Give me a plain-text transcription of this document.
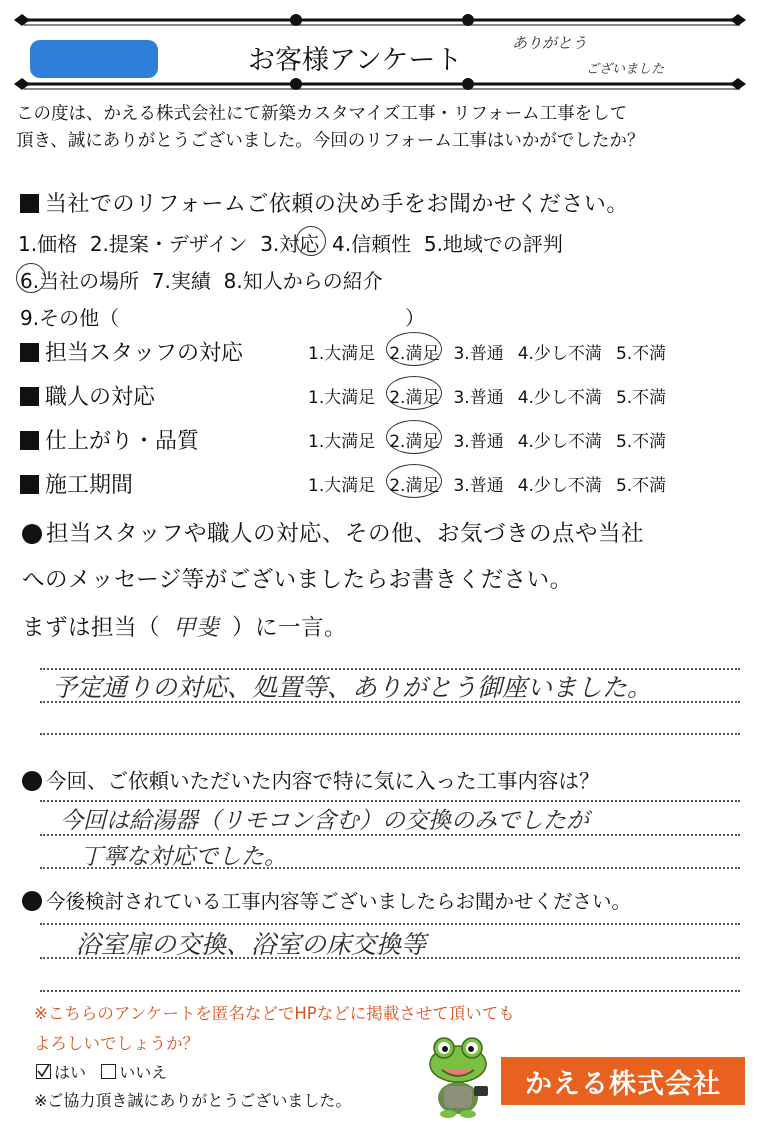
お客様アンケート
ありがとう
ございました
この度は、かえる株式会社にて新築カスタマイズ工事・リフォーム工事をして
頂き、誠にありがとうございました。今回のリフォーム工事はいかがでしたか？
当社でのリフォームご依頼の決め手をお聞かせください。
1.価格 2.提案・デザイン 3.対応 4.信頼性 5.地域での評判
6.当社の場所 7.実績 8.知人からの紹介
9.その他（	）
担当スタッフの対応	1.大満足 2.満足 3.普通 4.少し不満 5.不満
職人の対応	1.大満足 2.満足 3.普通 4.少し不満 5.不満
仕上がり・品質	1.大満足 2.満足 3.普通 4.少し不満 5.不満
施工期間	1.大満足 2.満足 3.普通 4.少し不満 5.不満
担当スタッフや職人の対応、その他、お気づきの点や当社
へのメッセージ等がございましたらお書きください。
まずは担当（ 甲斐 ）に一言。
予定通りの対応、処置等、ありがとう御座いました。
今回、ご依頼いただいた内容で特に気に入った工事内容は？
今回は給湯器（リモコン含む）の交換のみでしたが
丁寧な対応でした。
今後検討されている工事内容等ございましたらお聞かせください。
浴室扉の交換、浴室の床交換等
※こちらのアンケートを匿名などでHPなどに掲載させて頂いても
よろしいでしょうか？
はい いいえ
※ご協力頂き誠にありがとうございました。
かえる株式会社
